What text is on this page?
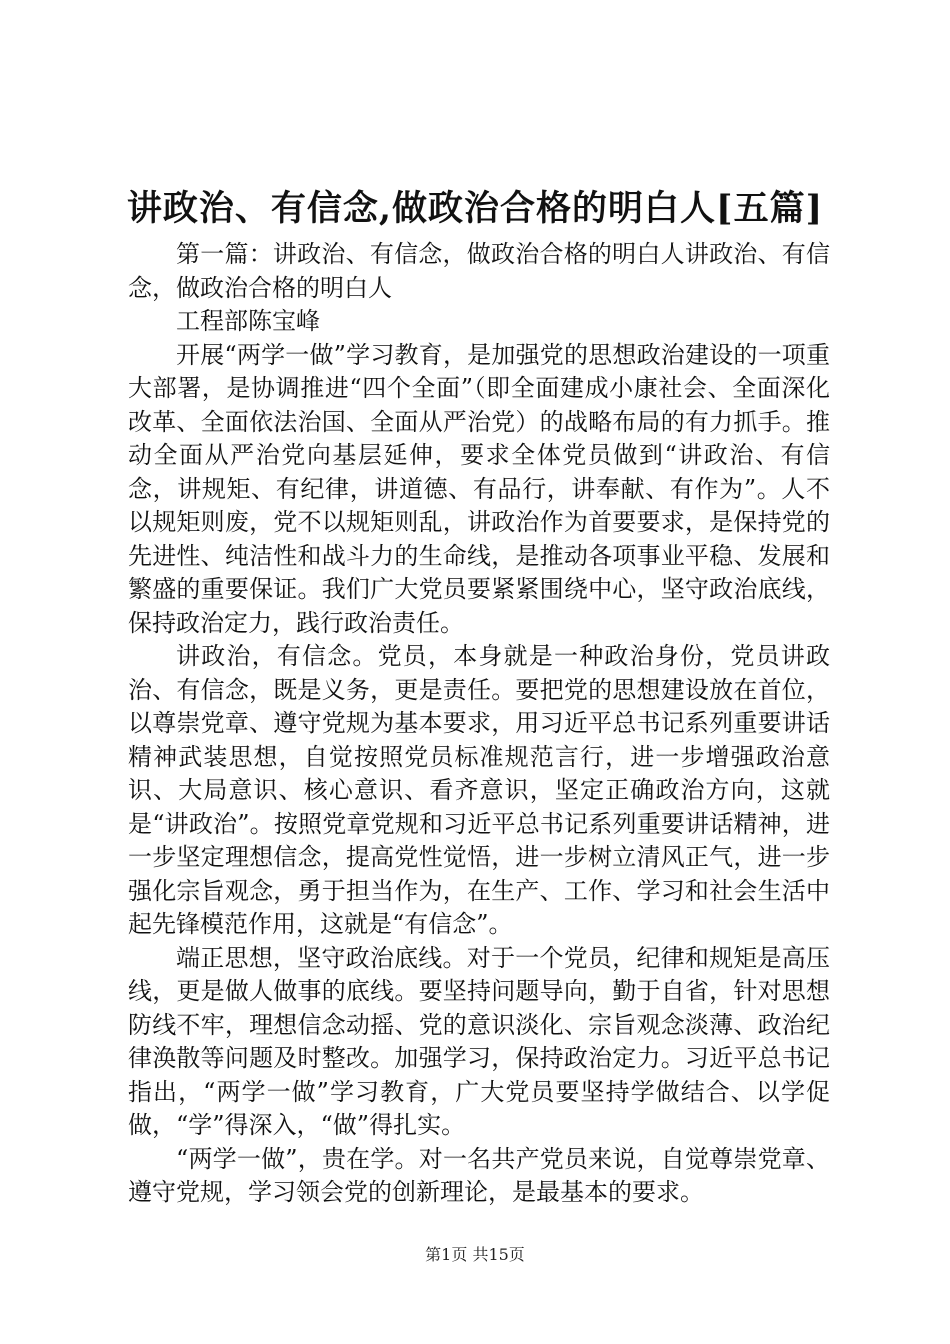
讲政治、有信念,做政治合格的明白人[五篇]

第一篇：讲政治、有信念，做政治合格的明白人讲政治、有信念，做政治合格的明白人

工程部陈宝峰

开展“两学一做”学习教育，是加强党的思想政治建设的一项重大部署，是协调推进“四个全面”（即全面建成小康社会、全面深化改革、全面依法治国、全面从严治党）的战略布局的有力抓手。推动全面从严治党向基层延伸，要求全体党员做到“讲政治、有信念，讲规矩、有纪律，讲道德、有品行，讲奉献、有作为”。人不以规矩则废，党不以规矩则乱，讲政治作为首要要求，是保持党的先进性、纯洁性和战斗力的生命线，是推动各项事业平稳、发展和繁盛的重要保证。我们广大党员要紧紧围绕中心，坚守政治底线，保持政治定力，践行政治责任。

讲政治，有信念。党员，本身就是一种政治身份，党员讲政治、有信念，既是义务，更是责任。要把党的思想建设放在首位，以尊崇党章、遵守党规为基本要求，用习近平总书记系列重要讲话精神武装思想，自觉按照党员标准规范言行，进一步增强政治意识、大局意识、核心意识、看齐意识，坚定正确政治方向，这就是“讲政治”。按照党章党规和习近平总书记系列重要讲话精神，进一步坚定理想信念，提高党性觉悟，进一步树立清风正气，进一步强化宗旨观念，勇于担当作为，在生产、工作、学习和社会生活中起先锋模范作用，这就是“有信念”。

端正思想，坚守政治底线。对于一个党员，纪律和规矩是高压线，更是做人做事的底线。要坚持问题导向，勤于自省，针对思想防线不牢，理想信念动摇、党的意识淡化、宗旨观念淡薄、政治纪律涣散等问题及时整改。加强学习，保持政治定力。习近平总书记指出，“两学一做”学习教育，广大党员要坚持学做结合、以学促做，“学”得深入，“做”得扎实。

“两学一做”，贵在学。对一名共产党员来说，自觉尊崇党章、遵守党规，学习领会党的创新理论，是最基本的要求。

第1页 共15页
